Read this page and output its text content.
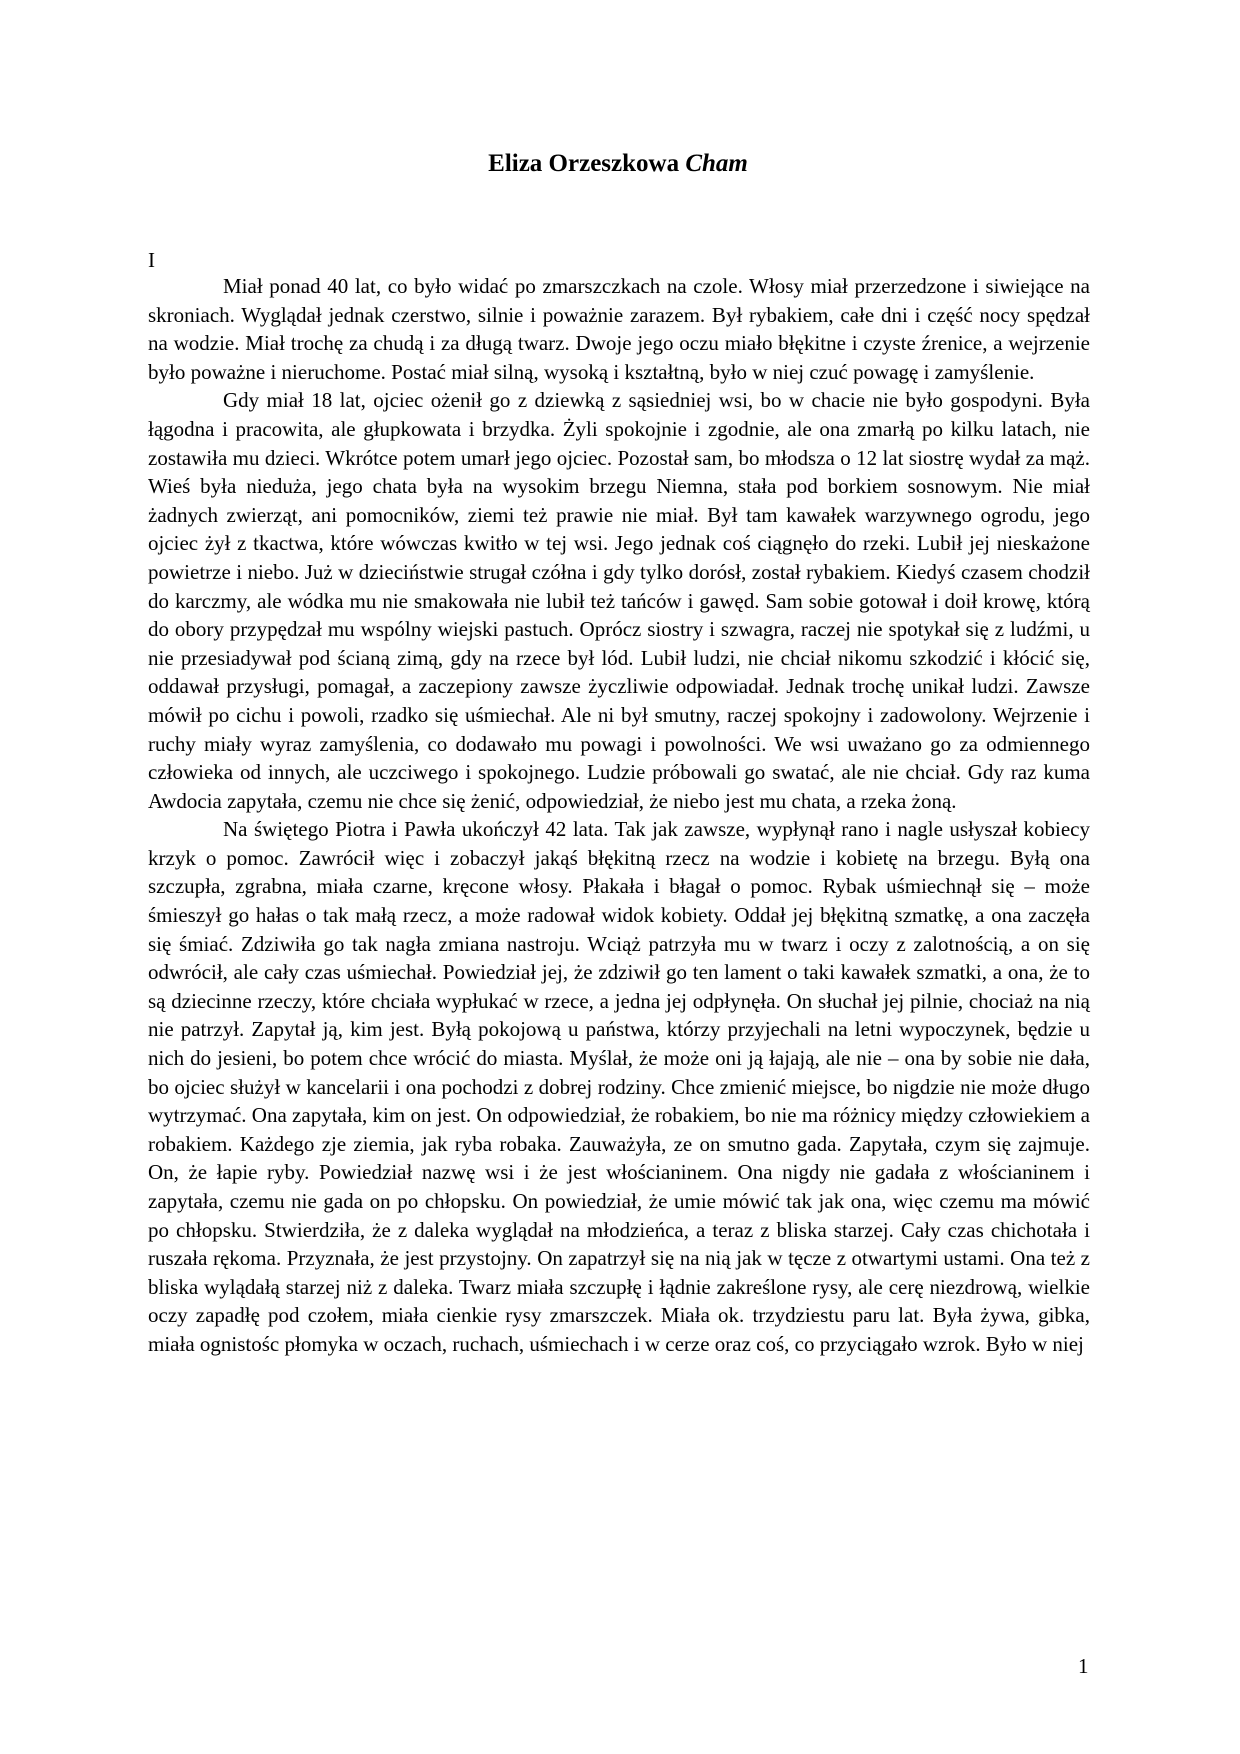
Eliza Orzeszkowa Cham
I

Miał ponad 40 lat, co było widać po zmarszczkach na czole. Włosy miał przerzedzone i siwiejące na skroniach. Wyglądał jednak czerstwo, silnie i poważnie zarazem. Był rybakiem, całe dni i część nocy spędzał na wodzie. Miał trochę za chudą i za długą twarz. Dwoje jego oczu miało błękitne i czyste źrenice, a wejrzenie było poważne i nieruchome. Postać miał silną, wysoką i kształtną, było w niej czuć powagę i zamyślenie.

Gdy miał 18 lat, ojciec ożenił go z dziewką z sąsiedniej wsi, bo w chacie nie było gospodyni. Była łągodna i pracowita, ale głupkowata i brzydka. Żyli spokojnie i zgodnie, ale ona zmarłą po kilku latach, nie zostawiła mu dzieci. Wkrótce potem umarł jego ojciec. Pozostał sam, bo młodsza o 12 lat siostrę wydał za mąż. Wieś była nieduża, jego chata była na wysokim brzegu Niemna, stała pod borkiem sosnowym. Nie miał żadnych zwierząt, ani pomocników, ziemi też prawie nie miał. Był tam kawałek warzywnego ogrodu, jego ojciec żył z tkactwa, które wówczas kwitło w tej wsi. Jego jednak coś ciągnęło do rzeki. Lubił jej nieskażone powietrze i niebo. Już w dzieciństwie strugał czółna i gdy tylko dorósł, został rybakiem. Kiedyś czasem chodził do karczmy, ale wódka mu nie smakowała nie lubił też tańców i gawęd. Sam sobie gotował i doił krowę, którą do obory przypędzał mu wspólny wiejski pastuch. Oprócz siostry i szwagra, raczej nie spotykał się z ludźmi, u nie przesiadywał pod ścianą zimą, gdy na rzece był lód. Lubił ludzi, nie chciał nikomu szkodzić i kłócić się, oddawał przysługi, pomagał, a zaczepiony zawsze życzliwie odpowiadał. Jednak trochę unikał ludzi. Zawsze mówił po cichu i powoli, rzadko się uśmiechał. Ale ni był smutny, raczej spokojny i zadowolony. Wejrzenie i ruchy miały wyraz zamyślenia, co dodawało mu powagi i powolności. We wsi uważano go za odmiennego człowieka od innych, ale uczciwego i spokojnego. Ludzie próbowali go swatać, ale nie chciał. Gdy raz kuma Awdocia zapytała, czemu nie chce się żenić, odpowiedział, że niebo jest mu chata, a rzeka żoną.

Na świętego Piotra i Pawła ukończył 42 lata. Tak jak zawsze, wypłynął rano i nagle usłyszał kobiecy krzyk o pomoc. Zawrócił więc i zobaczył jakąś błękitną rzecz na wodzie i kobietę na brzegu. Byłą ona szczupła, zgrabna, miała czarne, kręcone włosy. Płakała i błagał o pomoc. Rybak uśmiechnął się – może śmieszył go hałas o tak małą rzecz, a może radował widok kobiety. Oddał jej błękitną szmatkę, a ona zaczęła się śmiać. Zdziwiła go tak nagła zmiana nastroju. Wciąż patrzyła mu w twarz i oczy z zalotnością, a on się odwrócił, ale cały czas uśmiechał. Powiedział jej, że zdziwił go ten lament o taki kawałek szmatki, a ona, że to są dziecinne rzeczy, które chciała wypłukać w rzece, a jedna jej odpłynęła. On słuchał jej pilnie, chociaż na nią nie patrzył. Zapytał ją, kim jest. Byłą pokojową u państwa, którzy przyjechali na letni wypoczynek, będzie u nich do jesieni, bo potem chce wrócić do miasta. Myślał, że może oni ją łajają, ale nie – ona by sobie nie dała, bo ojciec służył w kancelarii i ona pochodzi z dobrej rodziny. Chce zmienić miejsce, bo nigdzie nie może długo wytrzymać. Ona zapytała, kim on jest. On odpowiedział, że robakiem, bo nie ma różnicy między człowiekiem a robakiem. Każdego zje ziemia, jak ryba robaka. Zauważyła, ze on smutno gada. Zapytała, czym się zajmuje. On, że łapie ryby. Powiedział nazwę wsi i że jest włościaninem. Ona nigdy nie gadała z włościaninem i zapytała, czemu nie gada on po chłopsku. On powiedział, że umie mówić tak jak ona, więc czemu ma mówić po chłopsku. Stwierdziła, że z daleka wyglądał na młodzieńca, a teraz z bliska starzej. Cały czas chichotała i ruszała rękoma. Przyznała, że jest przystojny. On zapatrzył się na nią jak w tęcze z otwartymi ustami. Ona też z bliska wylądałą starzej niż z daleka. Twarz miała szczupłę i łądnie zakreślone rysy, ale cerę niezdrową, wielkie oczy zapadłę pod czołem, miała cienkie rysy zmarszczek. Miała ok. trzydziestu paru lat. Była żywa, gibka, miała ognistośc płomyka w oczach, ruchach, uśmiechach i w cerze oraz coś, co przyciągało wzrok. Było w niej

1
